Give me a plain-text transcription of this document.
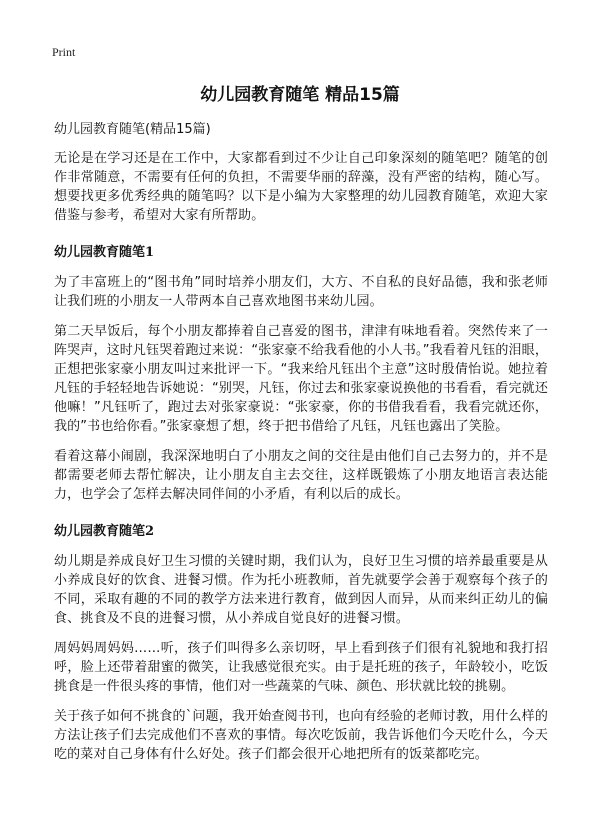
Print
幼儿园教育随笔 精品15篇
幼儿园教育随笔(精品15篇)

无论是在学习还是在工作中，大家都看到过不少让自己印象深刻的随笔吧？随笔的创作非常随意，不需要有任何的负担，不需要华丽的辞藻，没有严密的结构，随心写。想要找更多优秀经典的随笔吗？以下是小编为大家整理的幼儿园教育随笔，欢迎大家借鉴与参考，希望对大家有所帮助。

幼儿园教育随笔1

为了丰富班上的“图书角”同时培养小朋友们，大方、不自私的良好品德，我和张老师让我们班的小朋友一人带两本自己喜欢地图书来幼儿园。

第二天早饭后，每个小朋友都捧着自己喜爱的图书，津津有味地看着。突然传来了一阵哭声，这时凡钰哭着跑过来说：“张家豪不给我看他的小人书。”我看着凡钰的泪眼，正想把张家豪小朋友叫过来批评一下。“我来给凡钰出个主意”这时殷倩怡说。她拉着凡钰的手轻轻地告诉她说：“别哭，凡钰，你过去和张家豪说换他的书看看，看完就还他嘛！”凡钰听了，跑过去对张家豪说：“张家豪，你的书借我看看，我看完就还你，我的”书也给你看。”张家豪想了想，终于把书借给了凡钰，凡钰也露出了笑脸。

看着这幕小闹剧，我深深地明白了小朋友之间的交往是由他们自己去努力的，并不是都需要老师去帮忙解决，让小朋友自主去交往，这样既锻炼了小朋友地语言表达能力，也学会了怎样去解决同伴间的小矛盾，有利以后的成长。

幼儿园教育随笔2

幼儿期是养成良好卫生习惯的关键时期，我们认为，良好卫生习惯的培养最重要是从小养成良好的饮食、进餐习惯。作为托小班教师，首先就要学会善于观察每个孩子的不同，采取有趣的不同的教学方法来进行教育，做到因人而异，从而来纠正幼儿的偏食、挑食及不良的进餐习惯，从小养成自觉良好的进餐习惯。

周妈妈周妈妈……听，孩子们叫得多么亲切呀，早上看到孩子们很有礼貌地和我打招呼，脸上还带着甜蜜的微笑，让我感觉很充实。由于是托班的孩子，年龄较小，吃饭挑食是一件很头疼的事情，他们对一些蔬菜的气味、颜色、形状就比较的挑剔。

关于孩子如何不挑食的`问题，我开始查阅书刊，也向有经验的老师讨教，用什么样的方法让孩子们去完成他们不喜欢的事情。每次吃饭前，我告诉他们今天吃什么，今天吃的菜对自己身体有什么好处。孩子们都会很开心地把所有的饭菜都吃完。
